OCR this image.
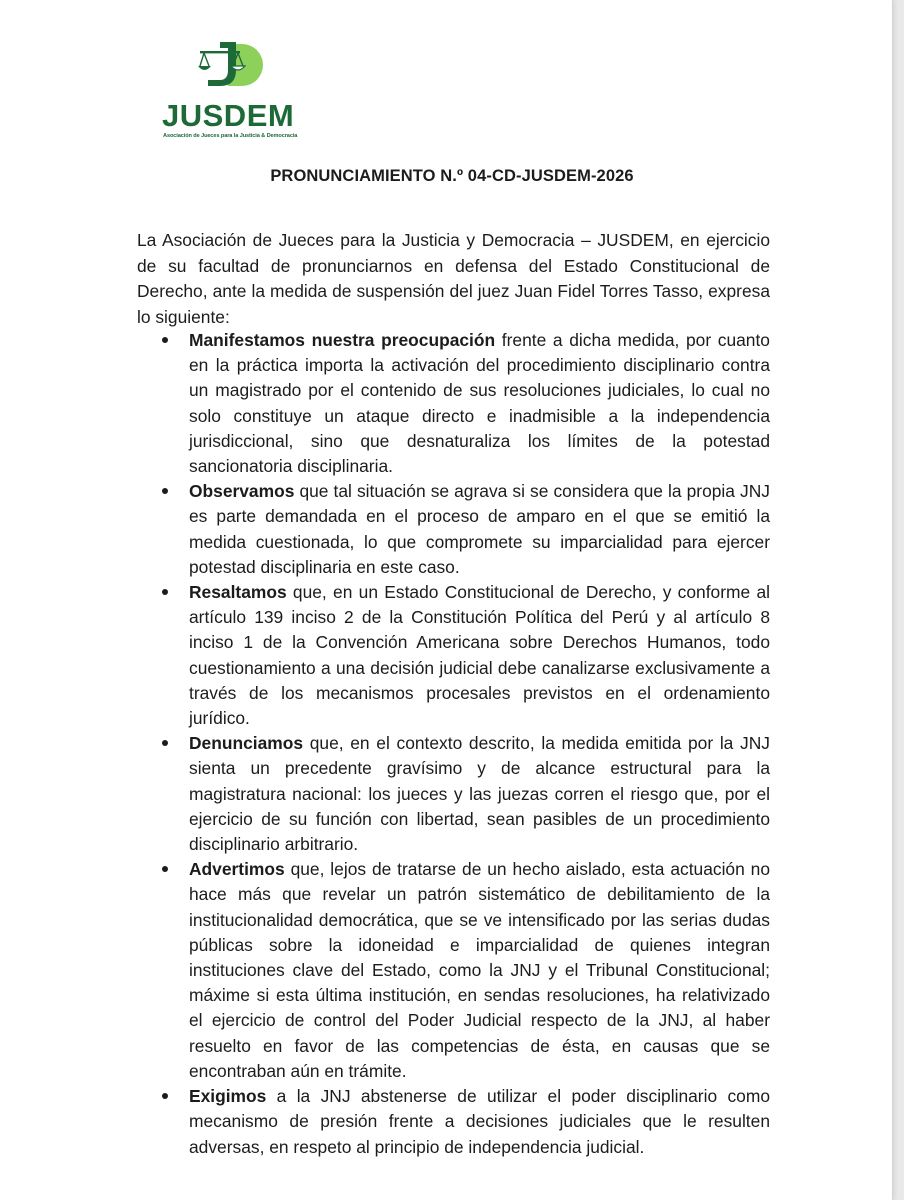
JUSDEM
Asociación de Jueces para la Justicia & Democracia
PRONUNCIAMIENTO N.º 04-CD-JUSDEM-2026

La Asociación de Jueces para la Justicia y Democracia – JUSDEM, en ejercicio de su facultad de pronunciarnos en defensa del Estado Constitucional de Derecho, ante la medida de suspensión del juez Juan Fidel Torres Tasso, expresa lo siguiente:

Manifestamos nuestra preocupación frente a dicha medida, por cuanto en la práctica importa la activación del procedimiento disciplinario contra un magistrado por el contenido de sus resoluciones judiciales, lo cual no solo constituye un ataque directo e inadmisible a la independencia jurisdiccional, sino que desnaturaliza los límites de la potestad sancionatoria disciplinaria.
Observamos que tal situación se agrava si se considera que la propia JNJ es parte demandada en el proceso de amparo en el que se emitió la medida cuestionada, lo que compromete su imparcialidad para ejercer potestad disciplinaria en este caso.
Resaltamos que, en un Estado Constitucional de Derecho, y conforme al artículo 139 inciso 2 de la Constitución Política del Perú y al artículo 8 inciso 1 de la Convención Americana sobre Derechos Humanos, todo cuestionamiento a una decisión judicial debe canalizarse exclusivamente a través de los mecanismos procesales previstos en el ordenamiento jurídico.
Denunciamos que, en el contexto descrito, la medida emitida por la JNJ sienta un precedente gravísimo y de alcance estructural para la magistratura nacional: los jueces y las juezas corren el riesgo que, por el ejercicio de su función con libertad, sean pasibles de un procedimiento disciplinario arbitrario.
Advertimos que, lejos de tratarse de un hecho aislado, esta actuación no hace más que revelar un patrón sistemático de debilitamiento de la institucionalidad democrática, que se ve intensificado por las serias dudas públicas sobre la idoneidad e imparcialidad de quienes integran instituciones clave del Estado, como la JNJ y el Tribunal Constitucional; máxime si esta última institución, en sendas resoluciones, ha relativizado el ejercicio de control del Poder Judicial respecto de la JNJ, al haber resuelto en favor de las competencias de ésta, en causas que se encontraban aún en trámite.
Exigimos a la JNJ abstenerse de utilizar el poder disciplinario como mecanismo de presión frente a decisiones judiciales que le resulten adversas, en respeto al principio de independencia judicial.
